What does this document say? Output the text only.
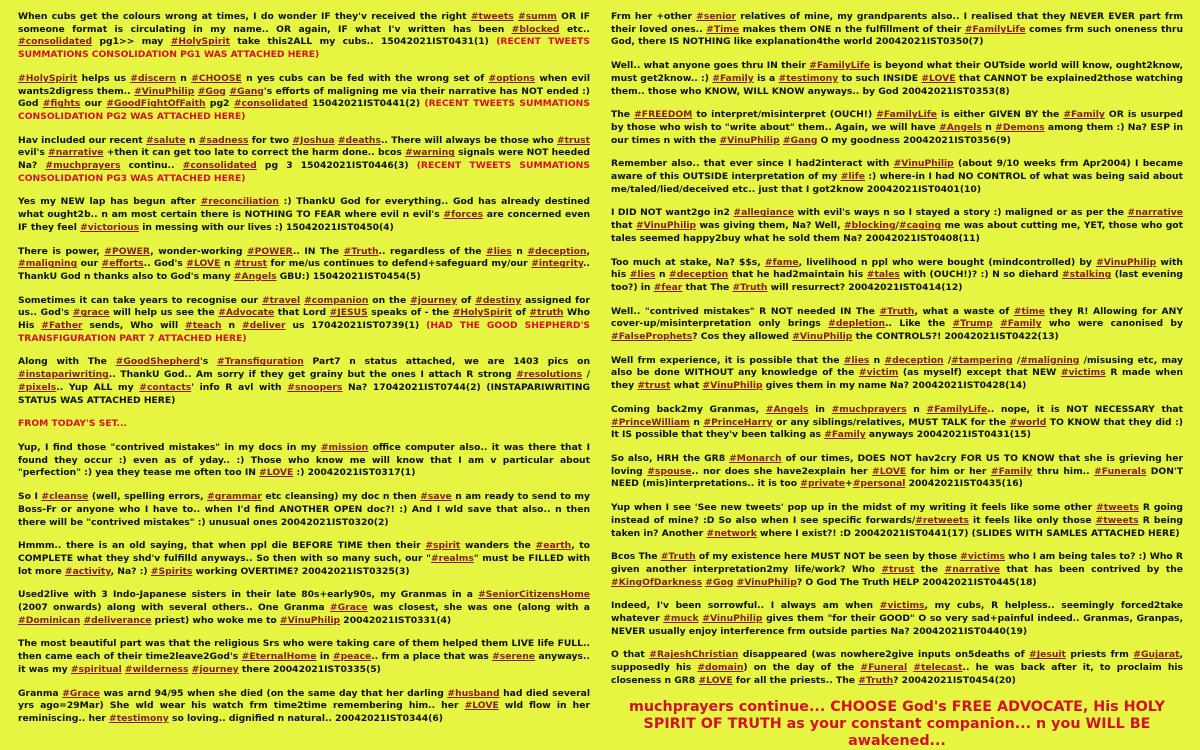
When cubs get the colours wrong at times, I do wonder IF they'v received the right #tweets #summ OR IF someone format is circulating in my name.. OR again, IF what I'v written has been #blocked etc.. #consolidated pg1>> may #HolySpirit take this2ALL my cubs.. 15042021IST0431(1) (RECENT TWEETS SUMMATIONS CONSOLIDATION PG1 WAS ATTACHED HERE)

#HolySpirit helps us #discern n #CHOOSE n yes cubs can be fed with the wrong set of #options when evil wants2digress them.. #VinuPhilip #Gog #Gang's efforts of maligning me via their narrative has NOT ended :) God #fights our #GoodFightOfFaith pg2 #consolidated 15042021IST0441(2) (RECENT TWEETS SUMMATIONS CONSOLIDATION PG2 WAS ATTACHED HERE)

Hav included our recent #salute n #sadness for two #Joshua #deaths.. There will always be those who #trust evil's #narrative +then it can get too late to correct the harm done.. bcos #warning signals were NOT heeded Na? #muchprayers continu.. #consolidated pg 3 15042021IST0446(3) (RECENT TWEETS SUMMATIONS CONSOLIDATION PG3 WAS ATTACHED HERE)

Yes my NEW lap has begun after #reconciliation :) ThankU God for everything.. God has already destined what ought2b.. n am most certain there is NOTHING TO FEAR where evil n evil's #forces are concerned even IF they feel #victorious in messing with our lives :) 15042021IST0450(4)

There is power, #POWER, wonder-working #POWER.. IN The #Truth.. regardless of the #lies n #deception, #maligning our #efforts.. God's #LOVE n #trust for me/us continues to defend+safeguard my/our #integrity.. ThankU God n thanks also to God's many #Angels GBU:) 15042021IST0454(5)

Sometimes it can take years to recognise our #travel #companion on the #journey of #destiny assigned for us.. God's #grace will help us see the #Advocate that Lord #JESUS speaks of - the #HolySpirit of #truth Who His #Father sends, Who will #teach n #deliver us 17042021IST0739(1) (HAD THE GOOD SHEPHERD'S TRANSFIGURATION PART 7 ATTACHED HERE)

Along with The #GoodShepherd's #Transfiguration Part7 n status attached, we are 1403 pics on #instapariwriting.. ThankU God.. Am sorry if they get grainy but the ones I attach R strong #resolutions / #pixels.. Yup ALL my #contacts' info R avl with #snoopers Na? 17042021IST0744(2) (INSTAPARIWRITING STATUS WAS ATTACHED HERE)

FROM TODAY'S SET...

Yup, I find those "contrived mistakes" in my docs in my #mission office computer also.. it was there that I found they occur :) even as of yday.. :) Those who know me will know that I am v particular about "perfection" :) yea they tease me often too IN #LOVE :) 20042021IST0317(1)

So I #cleanse (well, spelling errors, #grammar etc cleansing) my doc n then #save n am ready to send to my Boss-Fr or anyone who I have to.. when I'd find ANOTHER OPEN doc?! :) And I wld save that also.. n then there will be "contrived mistakes" :) unusual ones 20042021IST0320(2)

Hmmm.. there is an old saying, that when ppl die BEFORE TIME then their #spirit wanders the #earth, to COMPLETE what they shd'v fulfilld anyways.. So then with so many such, our "#realms" must be FILLED with lot more #activity, Na? :) #Spirits working OVERTIME? 20042021IST0325(3)

Used2live with 3 Indo-Japanese sisters in their late 80s+early90s, my Granmas in a #SeniorCitizensHome (2007 onwards) along with several others.. One Granma #Grace was closest, she was one (along with a #Dominican #deliverance priest) who woke me to #VinuPhilip 20042021IST0331(4)

The most beautiful part was that the religious Srs who were taking care of them helped them LIVE life FULL.. then came each of their time2leave2God's #EternalHome in #peace.. frm a place that was #serene anyways.. it was my #spiritual #wilderness #journey there 20042021IST0335(5)

Granma #Grace was arnd 94/95 when she died (on the same day that her darling #husband had died several yrs ago=29Mar) She wld wear his watch frm time2time remembering him.. her #LOVE wld flow in her reminiscing.. her #testimony so loving.. dignified n natural.. 20042021IST0344(6)

Frm her +other #senior relatives of mine, my grandparents also.. I realised that they NEVER EVER part frm their loved ones.. #Time makes them ONE n the fulfillment of their #FamilyLife comes frm such oneness thru God, there IS NOTHING like explanation4the world 20042021IST0350(7)

Well.. what anyone goes thru IN their #FamilyLife is beyond what their OUTside world will know, ought2know, must get2know.. :) #Family is a #testimony to such INSIDE #LOVE that CANNOT be explained2those watching them.. those who KNOW, WILL KNOW anyways.. by God 20042021IST0353(8)

The #FREEDOM to interpret/misinterpret (OUCH!) #FamilyLife is either GIVEN BY the #Family OR is usurped by those who wish to "write about" them.. Again, we will have #Angels n #Demons among them :) Na? ESP in our times n with the #VinuPhilip #Gang O my goodness 20042021IST0356(9)

Remember also.. that ever since I had2interact with #VinuPhilip (about 9/10 weeks frm Apr2004) I became aware of this OUTSIDE interpretation of my #life :) where-in I had NO CONTROL of what was being said about me/taled/lied/deceived etc.. just that I got2know 20042021IST0401(10)

I DID NOT want2go in2 #allegiance with evil's ways n so I stayed a story :) maligned or as per the #narrative that #VinuPhilip was giving them, Na? Well, #blocking/#caging me was about cutting me, YET, those who got tales seemed happy2buy what he sold them Na? 20042021IST0408(11)

Too much at stake, Na? $$s, #fame, livelihood n ppl who were bought (mindcontrolled) by #VinuPhilip with his #lies n #deception that he had2maintain his #tales with (OUCH!)? :) N so diehard #stalking (last evening too?) in #fear that The #Truth will resurrect? 20042021IST0414(12)

Well.. "contrived mistakes" R NOT needed IN The #Truth, what a waste of #time they R! Allowing for ANY cover-up/misinterpretation only brings #depletion.. Like the #Trump #Family who were canonised by #FalseProphets? Cos they allowed #VinuPhilip the CONTROLS?! 20042021IST0422(13)

Well frm experience, it is possible that the #lies n #deception /#tampering /#maligning /misusing etc, may also be done WITHOUT any knowledge of the #victim (as myself) except that NEW #victims R made when they #trust what #VinuPhilip gives them in my name Na? 20042021IST0428(14)

Coming back2my Granmas, #Angels in #muchprayers n #FamilyLife.. nope, it is NOT NECESSARY that #PrinceWilliam n #PrinceHarry or any siblings/relatives, MUST TALK for the #world TO KNOW that they did :) It IS possible that they'v been talking as #Family anyways 20042021IST0431(15)

So also, HRH the GR8 #Monarch of our times, DOES NOT hav2cry FOR US TO KNOW that she is grieving her loving #spouse.. nor does she have2explain her #LOVE for him or her #Family thru him.. #Funerals DON'T NEED (mis)interpretations.. it is too #private+#personal 20042021IST0435(16)

Yup when I see 'See new tweets' pop up in the midst of my writing it feels like some other #tweets R going instead of mine? :D So also when I see specific forwards/#retweets it feels like only those #tweets R being taken in? Another #network where I exist?! :D 20042021IST0441(17) (SLIDES WITH SAMLES ATTACHED HERE)

Bcos The #Truth of my existence here MUST NOT be seen by those #victims who I am being tales to? :) Who R given another interpretation2my life/work? Who #trust the #narrative that has been contrived by the #KingOfDarkness #Gog #VinuPhilip? O God The Truth HELP 20042021IST0445(18)

Indeed, I'v been sorrowful.. I always am when #victims, my cubs, R helpless.. seemingly forced2take whatever #muck #VinuPhilip gives them "for their GOOD" O so very sad+painful indeed.. Granmas, Granpas, NEVER usually enjoy interference frm outside parties Na? 20042021IST0440(19)

O that #RajeshChristian disappeared (was nowhere2give inputs on5deaths of #Jesuit priests frm #Gujarat, supposedly his #domain) on the day of the #Funeral #telecast.. he was back after it, to proclaim his closeness n GR8 #LOVE for all the priests.. The #Truth? 20042021IST0454(20)

muchprayers continue... CHOOSE God's FREE ADVOCATE, His HOLY SPIRIT OF TRUTH as your constant companion... n you WILL BE awakened...
